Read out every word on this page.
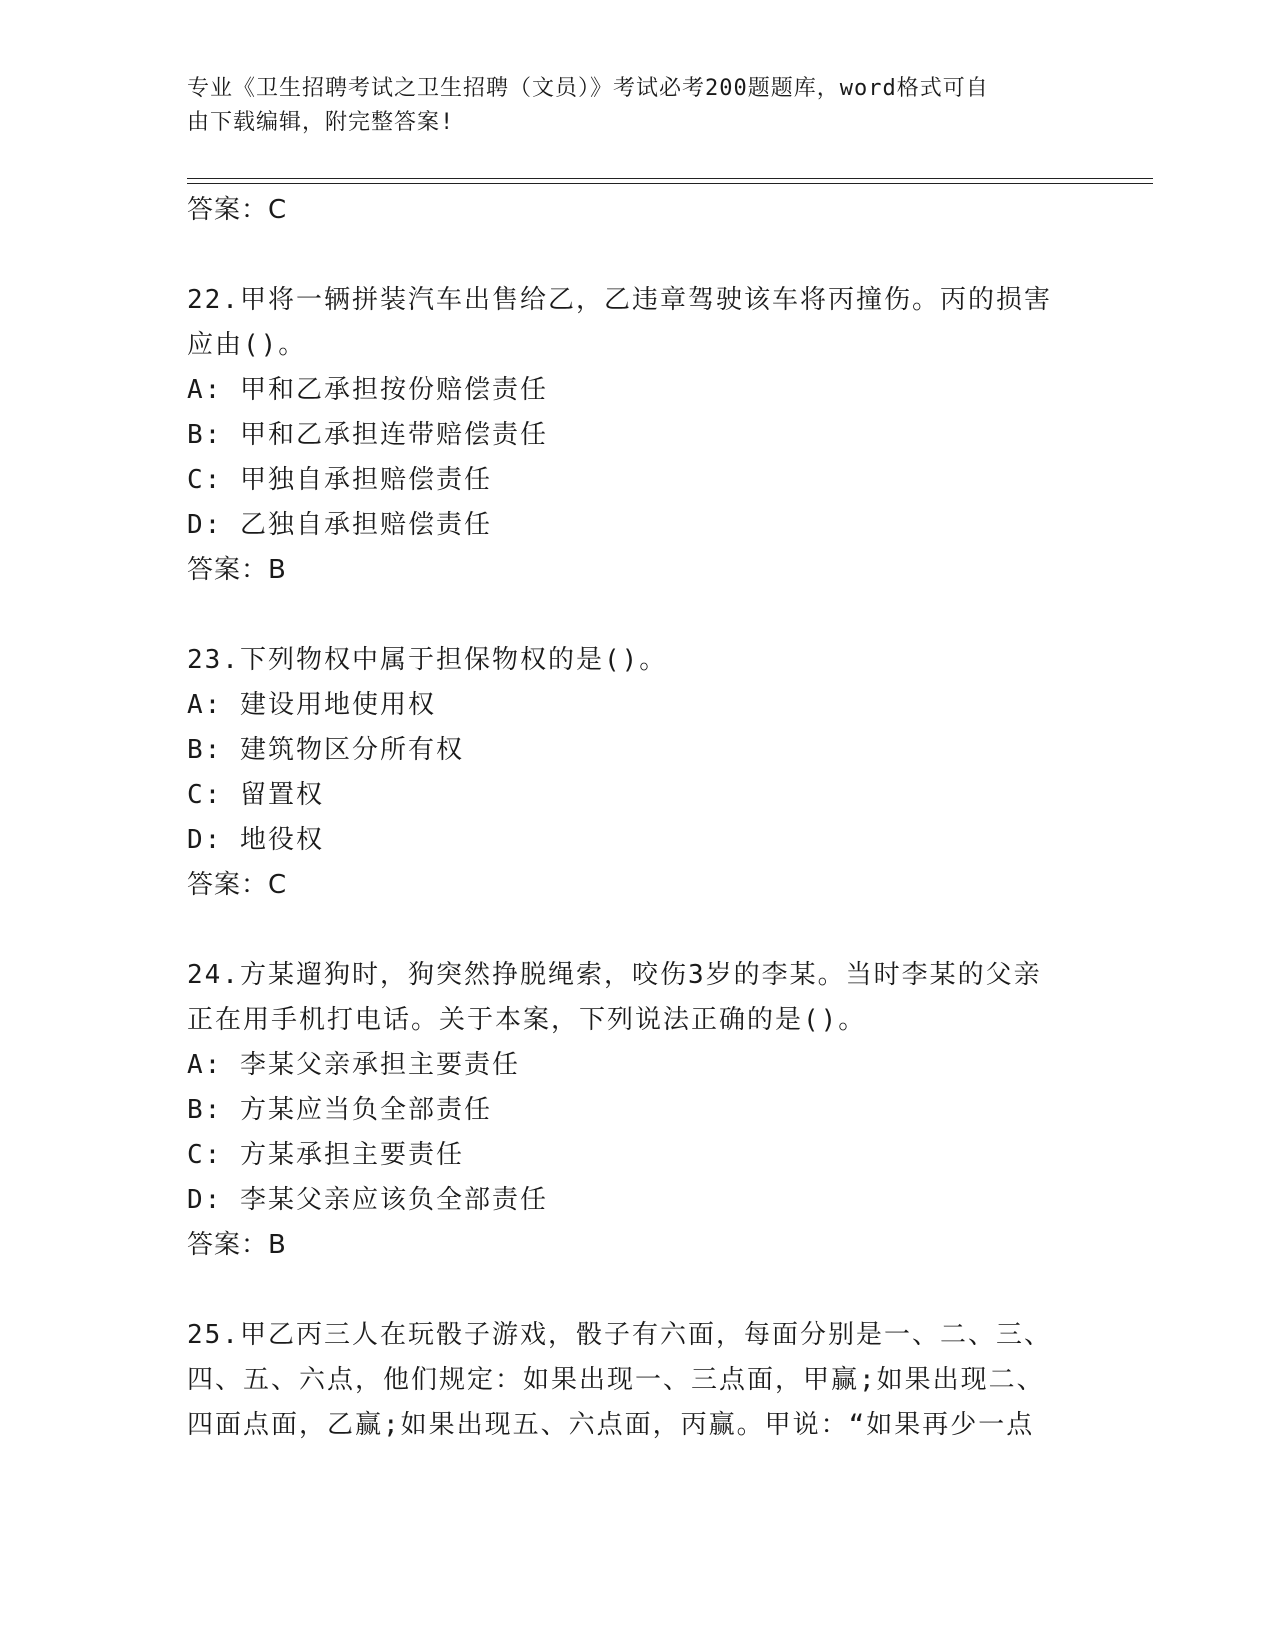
专业《卫生招聘考试之卫生招聘（文员）》考试必考200题题库，word格式可自
由下载编辑，附完整答案!
答案：C
22.甲将一辆拼装汽车出售给乙，乙违章驾驶该车将丙撞伤。丙的损害
应由()。
A: 甲和乙承担按份赔偿责任
B: 甲和乙承担连带赔偿责任
C: 甲独自承担赔偿责任
D: 乙独自承担赔偿责任
答案：B
23.下列物权中属于担保物权的是()。
A: 建设用地使用权
B: 建筑物区分所有权
C: 留置权
D: 地役权
答案：C
24.方某遛狗时，狗突然挣脱绳索，咬伤3岁的李某。当时李某的父亲
正在用手机打电话。关于本案，下列说法正确的是()。
A: 李某父亲承担主要责任
B: 方某应当负全部责任
C: 方某承担主要责任
D: 李某父亲应该负全部责任
答案：B
25.甲乙丙三人在玩骰子游戏，骰子有六面，每面分别是一、二、三、
四、五、六点，他们规定：如果出现一、三点面，甲赢;如果出现二、
四面点面，乙赢;如果出现五、六点面，丙赢。甲说：“如果再少一点
